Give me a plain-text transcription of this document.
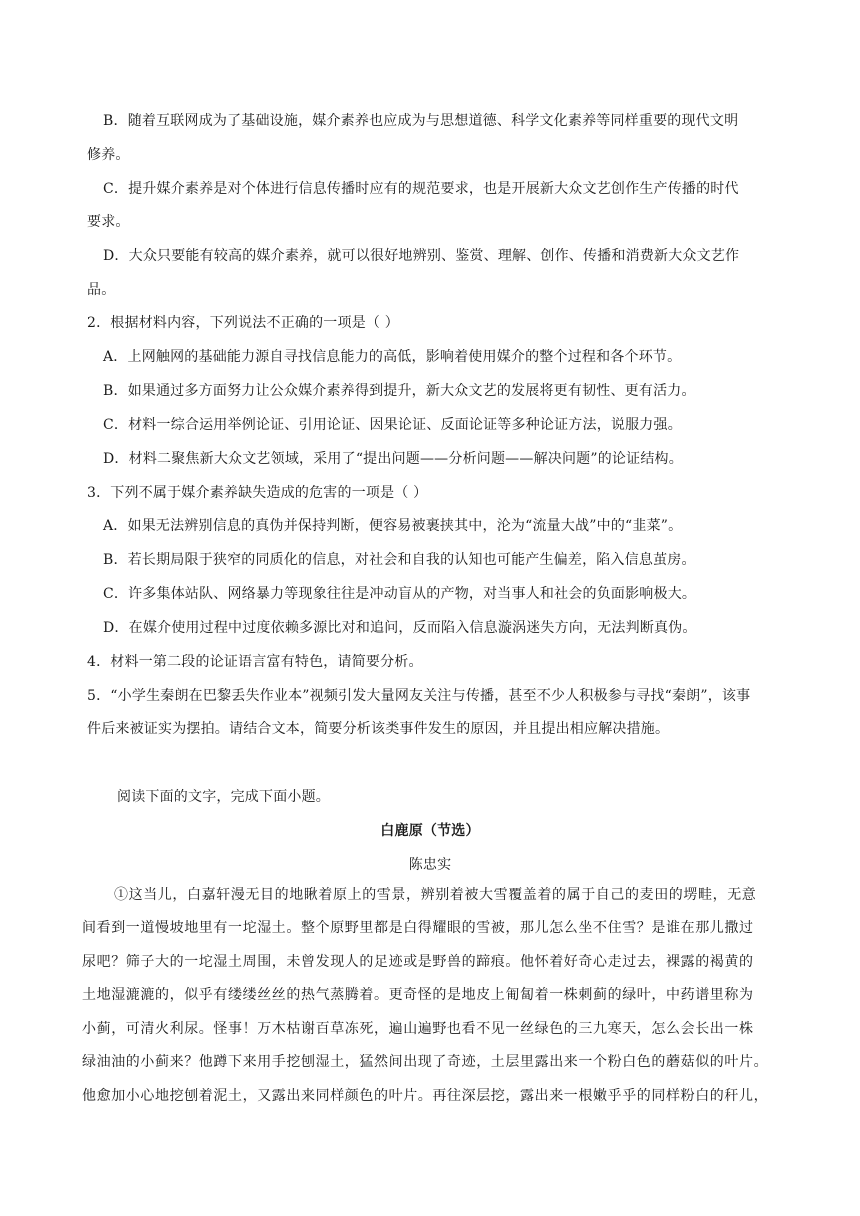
B．随着互联网成为了基础设施，媒介素养也应成为与思想道德、科学文化素养等同样重要的现代文明
修养。
C．提升媒介素养是对个体进行信息传播时应有的规范要求，也是开展新大众文艺创作生产传播的时代
要求。
D．大众只要能有较高的媒介素养，就可以很好地辨别、鉴赏、理解、创作、传播和消费新大众文艺作
品。
2．根据材料内容，下列说法不正确的一项是（ ）
A．上网触网的基础能力源自寻找信息能力的高低，影响着使用媒介的整个过程和各个环节。
B．如果通过多方面努力让公众媒介素养得到提升，新大众文艺的发展将更有韧性、更有活力。
C．材料一综合运用举例论证、引用论证、因果论证、反面论证等多种论证方法，说服力强。
D．材料二聚焦新大众文艺领域，采用了“提出问题——分析问题——解决问题”的论证结构。
3．下列不属于媒介素养缺失造成的危害的一项是（ ）
A．如果无法辨别信息的真伪并保持判断，便容易被裹挟其中，沦为“流量大战”中的“韭菜”。
B．若长期局限于狭窄的同质化的信息，对社会和自我的认知也可能产生偏差，陷入信息茧房。
C．许多集体站队、网络暴力等现象往往是冲动盲从的产物，对当事人和社会的负面影响极大。
D．在媒介使用过程中过度依赖多源比对和追问，反而陷入信息漩涡迷失方向，无法判断真伪。
4．材料一第二段的论证语言富有特色，请简要分析。
5．“小学生秦朗在巴黎丢失作业本”视频引发大量网友关注与传播，甚至不少人积极参与寻找“秦朗”，该事
件后来被证实为摆拍。请结合文本，简要分析该类事件发生的原因，并且提出相应解决措施。
阅读下面的文字，完成下面小题。
白鹿原（节选）
陈忠实
①这当儿，白嘉轩漫无目的地瞅着原上的雪景，辨别着被大雪覆盖着的属于自己的麦田的塄畦，无意
间看到一道慢坡地里有一坨湿土。整个原野里都是白得耀眼的雪被，那儿怎么坐不住雪？是谁在那儿撒过
尿吧？筛子大的一坨湿土周围，未曾发现人的足迹或是野兽的蹄痕。他怀着好奇心走过去，裸露的褐黄的
土地湿漉漉的，似乎有缕缕丝丝的热气蒸腾着。更奇怪的是地皮上匍匐着一株刺蓟的绿叶，中药谱里称为
小蓟，可清火利尿。怪事！万木枯谢百草冻死，遍山遍野也看不见一丝绿色的三九寒天，怎么会长出一株
绿油油的小蓟来？他蹲下来用手挖刨湿土，猛然间出现了奇迹，土层里露出来一个粉白色的蘑菇似的叶片。
他愈加小心地挖刨着泥土，又露出来同样颜色的叶片。再往深层挖，露出来一根嫩乎乎的同样粉白的秆儿，
